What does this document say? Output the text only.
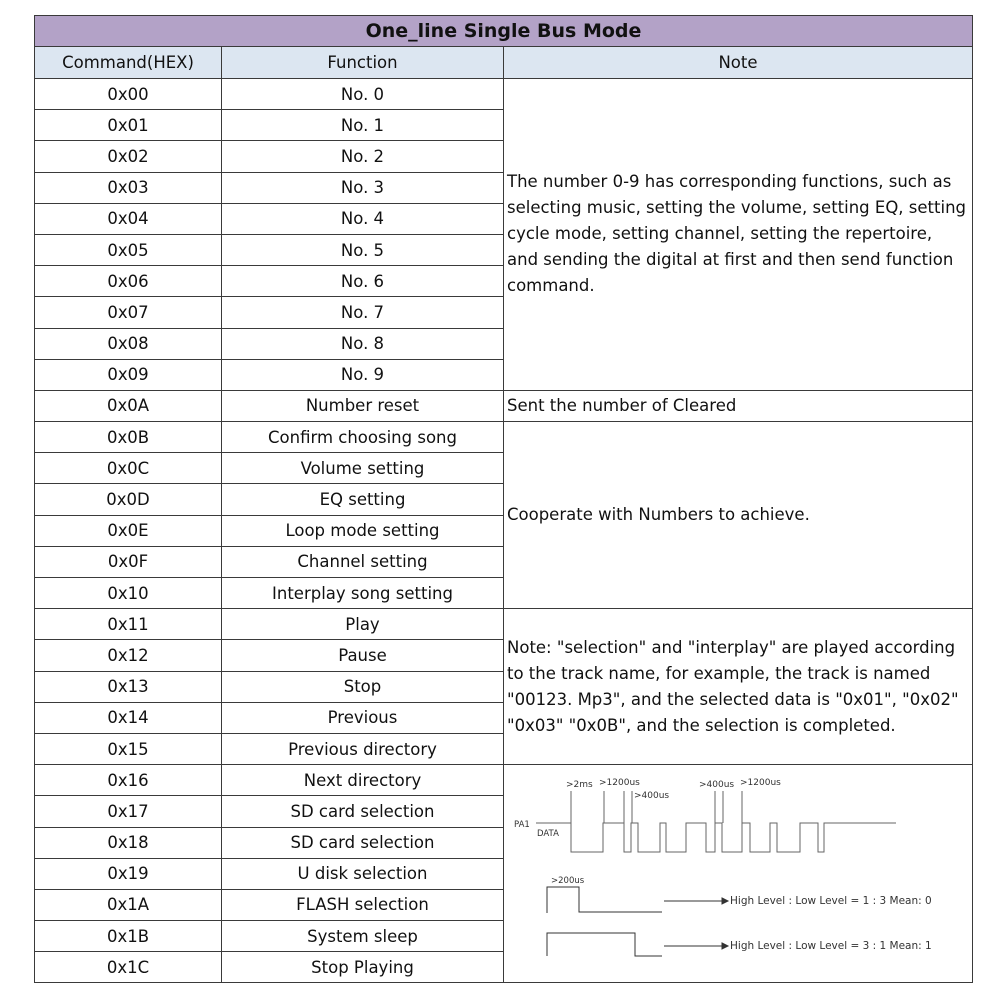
One_line Single Bus Mode		
Command(HEX)	Function	Note
0x00	No. 0	The number 0-9 has corresponding functions, such as selecting music, setting the volume, setting EQ, setting cycle mode, setting channel, setting the repertoire, and sending the digital at first and then send function command.
0x01	No. 1	
0x02	No. 2	
0x03	No. 3	
0x04	No. 4	
0x05	No. 5	
0x06	No. 6	
0x07	No. 7	
0x08	No. 8	
0x09	No. 9	
0x0A	Number reset	Sent the number of Cleared
0x0B	Confirm choosing song	Cooperate with Numbers to achieve.
0x0C	Volume setting	
0x0D	EQ setting	
0x0E	Loop mode setting	
0x0F	Channel setting	
0x10	Interplay song setting	
0x11	Play	Note: "selection" and "interplay" are played according to the track name, for example, the track is named "00123. Mp3", and the selected data is "0x01", "0x02" "0x03" "0x0B", and the selection is completed.
0x12	Pause	
0x13	Stop	
0x14	Previous	
0x15	Previous directory	
0x16	Next directory	>2ms >1200us
>400us
>400us >1200us
PA1
DATA
>200us
High Level : Low Level = 1 : 3 Mean: 0
High Level : Low Level = 3 : 1 Mean: 1

0x17	SD card selection	
0x18	SD card selection	
0x19	U disk selection	
0x1A	FLASH selection	
0x1B	System sleep	
0x1C	Stop Playing	
